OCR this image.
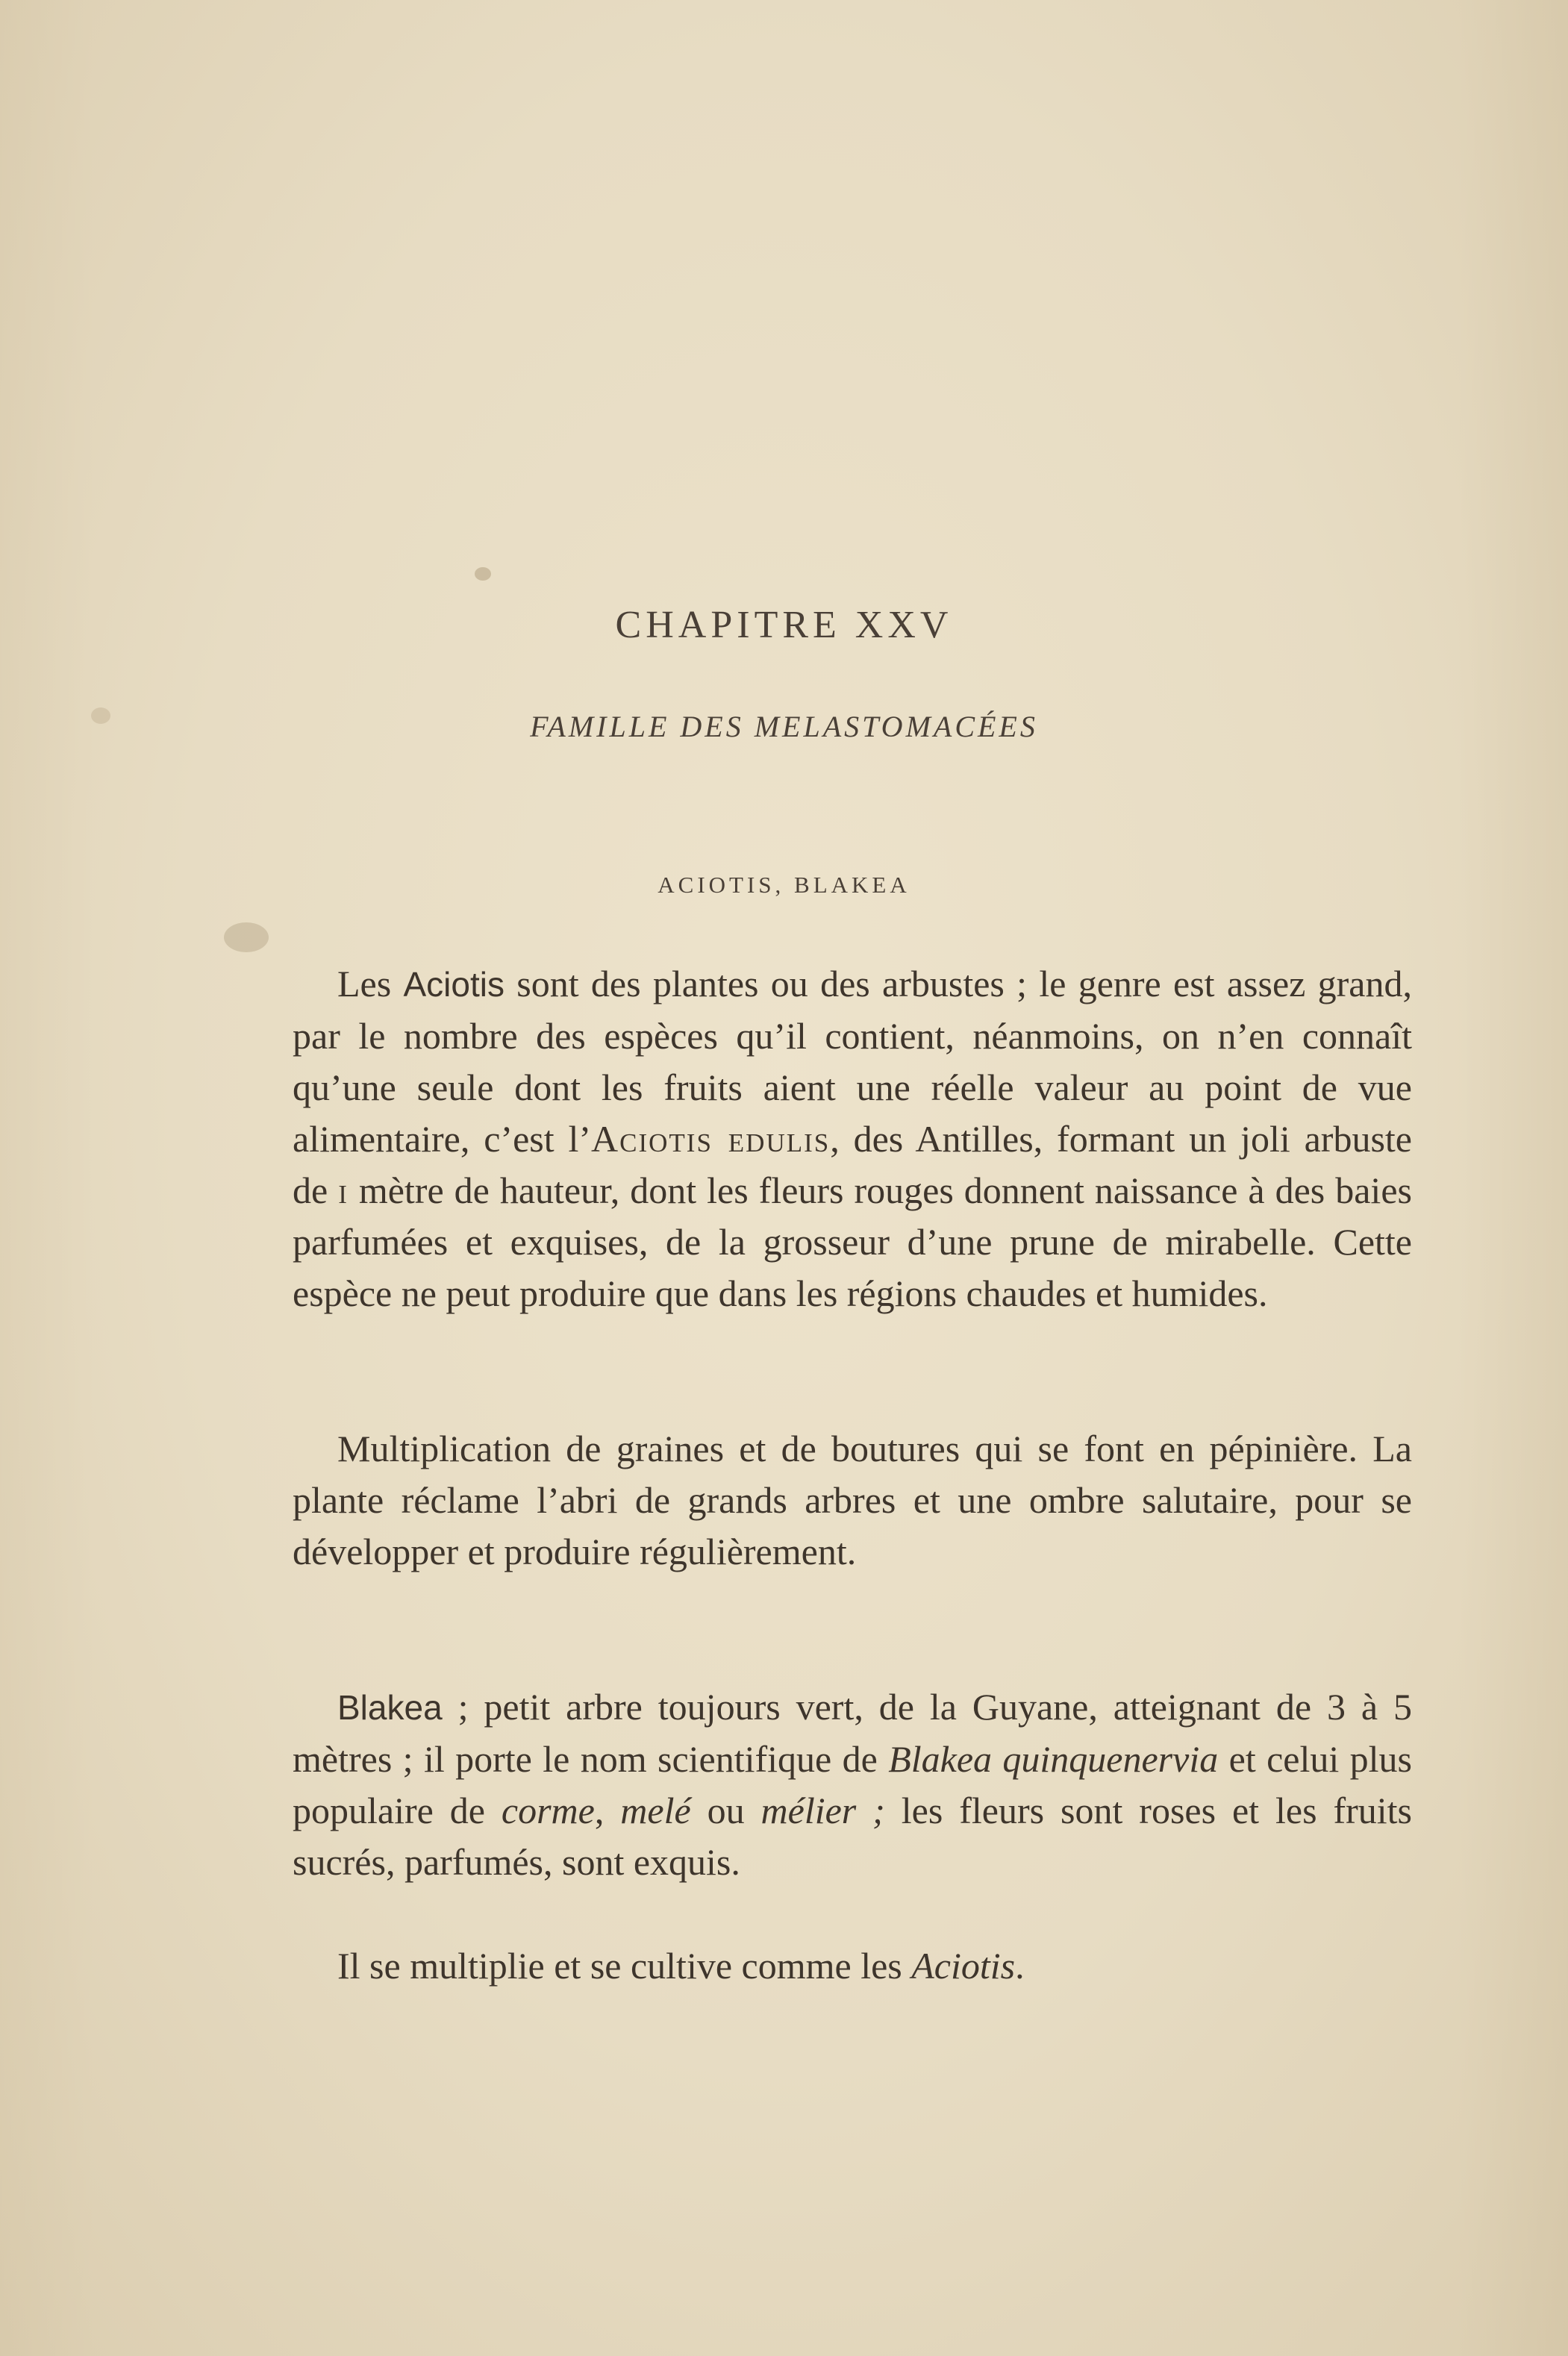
CHAPITRE XXV
FAMILLE DES MELASTOMACÉES
ACIOTIS, BLAKEA

Les Aciotis sont des plantes ou des arbustes ; le genre est assez grand, par le nombre des espèces qu’il contient, néanmoins, on n’en connaît qu’une seule dont les fruits aient une réelle valeur au point de vue alimentaire, c’est l’Aciotis edulis, des Antilles, formant un joli arbuste de i mètre de hauteur, dont les fleurs rouges donnent naissance à des baies parfumées et exquises, de la grosseur d’une prune de mirabelle. Cette espèce ne peut produire que dans les régions chaudes et humides.

Multiplication de graines et de boutures qui se font en pépinière. La plante réclame l’abri de grands arbres et une ombre salutaire, pour se développer et produire régulièrement.

Blakea ; petit arbre toujours vert, de la Guyane, atteignant de 3 à 5 mètres ; il porte le nom scientifique de Blakea quinquenervia et celui plus populaire de corme, melé ou mélier ; les fleurs sont roses et les fruits sucrés, parfumés, sont exquis.

Il se multiplie et se cultive comme les Aciotis.
